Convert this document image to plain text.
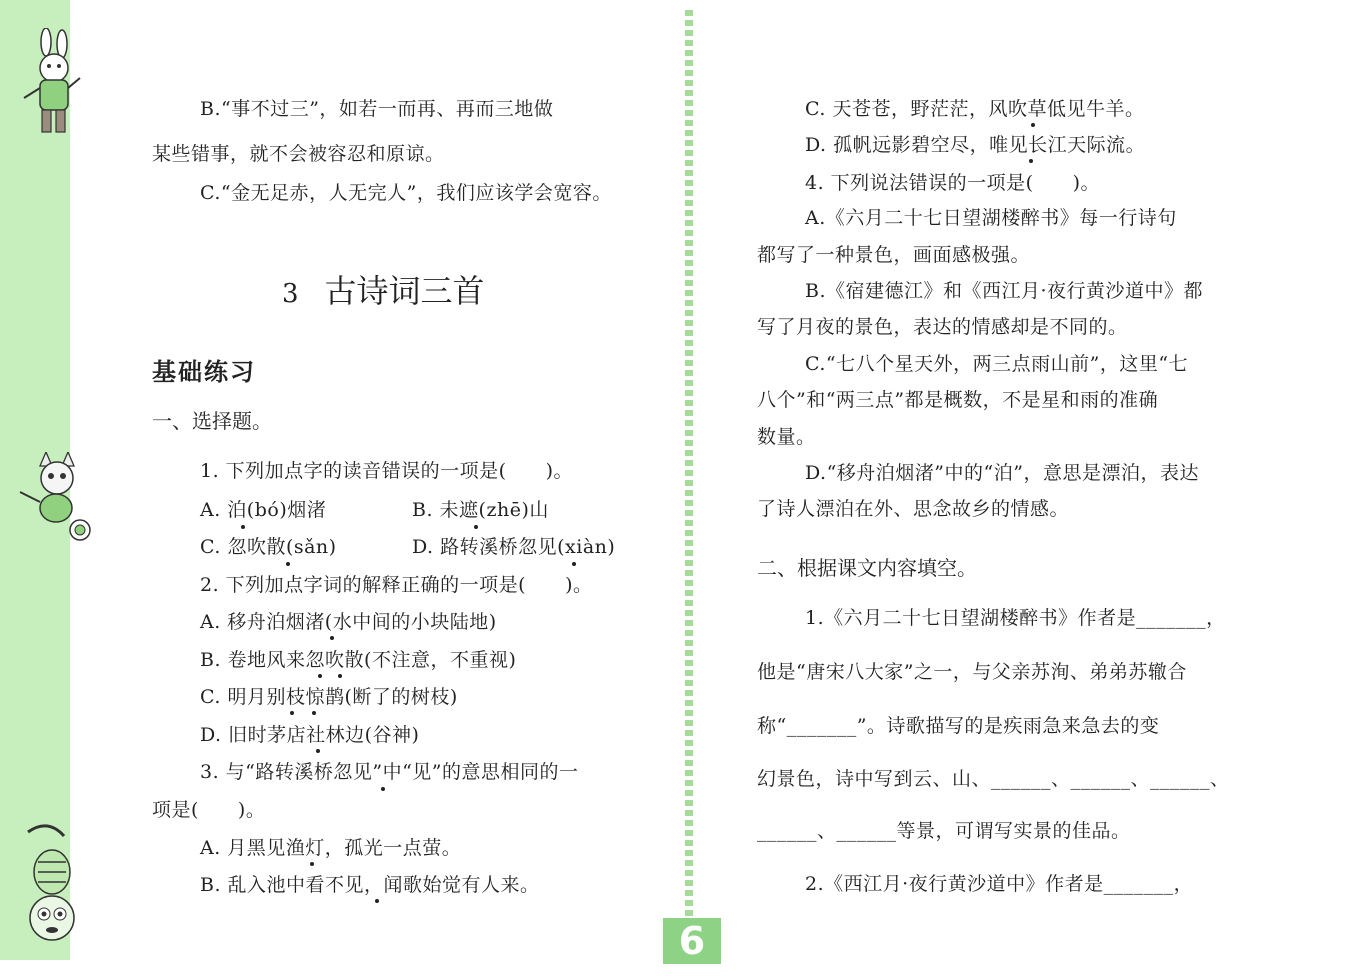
B.“事不过三”，如若一而再、再而三地做
某些错事，就不会被容忍和原谅。
C.“金无足赤，人无完人”，我们应该学会宽容。
3 古诗词三首
基础练习
一、选择题。
1. 下列加点字的读音错误的一项是(　　)。
A. 泊(bó)烟渚	B. 未遮(zhē)山
C. 忽吹散(sǎn)	D. 路转溪桥忽见(xiàn)
2. 下列加点字词的解释正确的一项是(　　)。
A. 移舟泊烟渚(水中间的小块陆地)
B. 卷地风来忽吹散(不注意，不重视)
C. 明月别枝惊鹊(断了的树枝)
D. 旧时茅店社林边(谷神)
3. 与“路转溪桥忽见”中“见”的意思相同的一
项是(　　)。
A. 月黑见渔灯，孤光一点萤。
B. 乱入池中看不见，闻歌始觉有人来。
C. 天苍苍，野茫茫，风吹草低见牛羊。
D. 孤帆远影碧空尽，唯见长江天际流。
4. 下列说法错误的一项是(　　)。
A.《六月二十七日望湖楼醉书》每一行诗句
都写了一种景色，画面感极强。
B.《宿建德江》和《西江月·夜行黄沙道中》都
写了月夜的景色，表达的情感却是不同的。
C.“七八个星天外，两三点雨山前”，这里“七
八个”和“两三点”都是概数，不是星和雨的准确
数量。
D.“移舟泊烟渚”中的“泊”，意思是漂泊，表达
了诗人漂泊在外、思念故乡的情感。
二、根据课文内容填空。
1.《六月二十七日望湖楼醉书》作者是_______，
他是“唐宋八大家”之一，与父亲苏洵、弟弟苏辙合
称“_______”。诗歌描写的是疾雨急来急去的变
幻景色，诗中写到云、山、______、______、______、
______、______等景，可谓写实景的佳品。
2.《西江月·夜行黄沙道中》作者是_______，
6
